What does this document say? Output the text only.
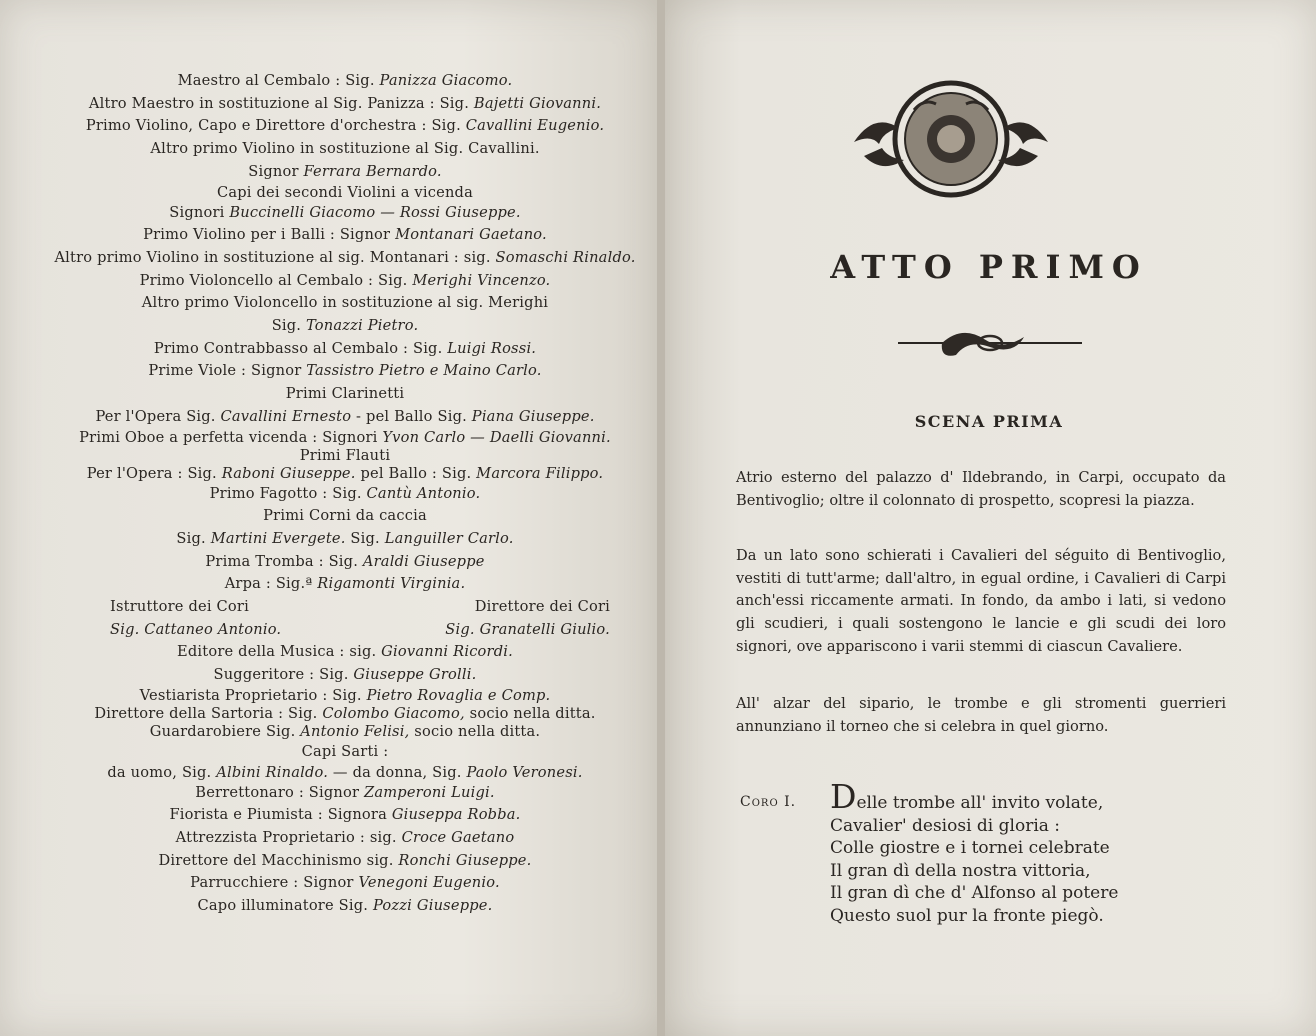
Maestro al Cembalo : Sig. Panizza Giacomo.
Altro Maestro in sostituzione al Sig. Panizza : Sig. Bajetti Giovanni.
Primo Violino, Capo e Direttore d'orchestra : Sig. Cavallini Eugenio.
Altro primo Violino in sostituzione al Sig. Cavallini.
Signor Ferrara Bernardo.
Capi dei secondi Violini a vicenda
Signori Buccinelli Giacomo — Rossi Giuseppe.
Primo Violino per i Balli : Signor Montanari Gaetano.
Altro primo Violino in sostituzione al sig. Montanari : sig. Somaschi Rinaldo.
Primo Violoncello al Cembalo : Sig. Merighi Vincenzo.
Altro primo Violoncello in sostituzione al sig. Merighi
Sig. Tonazzi Pietro.
Primo Contrabbasso al Cembalo : Sig. Luigi Rossi.
Prime Viole : Signor Tassistro Pietro e Maino Carlo.
Primi Clarinetti
Per l'Opera Sig. Cavallini Ernesto - pel Ballo Sig. Piana Giuseppe.
Primi Oboe a perfetta vicenda : Signori Yvon Carlo — Daelli Giovanni.
Primi Flauti
Per l'Opera : Sig. Raboni Giuseppe. pel Ballo : Sig. Marcora Filippo.
Primo Fagotto : Sig. Cantù Antonio.
Primi Corni da caccia
Sig. Martini Evergete. Sig. Languiller Carlo.
Prima Tromba : Sig. Araldi Giuseppe
Arpa : Sig.ª Rigamonti Virginia.
Istruttore dei Cori	Direttore dei Cori
Sig. Cattaneo Antonio.	Sig. Granatelli Giulio.
Editore della Musica : sig. Giovanni Ricordi.
Suggeritore : Sig. Giuseppe Grolli.
Vestiarista Proprietario : Sig. Pietro Rovaglia e Comp.
Direttore della Sartoria : Sig. Colombo Giacomo, socio nella ditta.
Guardarobiere Sig. Antonio Felisi, socio nella ditta.
Capi Sarti :
da uomo, Sig. Albini Rinaldo. — da donna, Sig. Paolo Veronesi.
Berrettonaro : Signor Zamperoni Luigi.
Fiorista e Piumista : Signora Giuseppa Robba.
Attrezzista Proprietario : sig. Croce Gaetano
Direttore del Macchinismo sig. Ronchi Giuseppe.
Parrucchiere : Signor Venegoni Eugenio.
Capo illuminatore Sig. Pozzi Giuseppe.
ATTO PRIMO
SCENA PRIMA
Atrio esterno del palazzo d' Ildebrando, in Carpi, occupato da Bentivoglio; oltre il colonnato di prospetto, scopresi la piazza.
Da un lato sono schierati i Cavalieri del séguito di Bentivoglio, vestiti di tutt'arme; dall'altro, in egual ordine, i Cavalieri di Carpi anch'essi riccamente armati. In fondo, da ambo i lati, si vedono gli scudieri, i quali sostengono le lancie e gli scudi dei loro signori, ove appariscono i varii stemmi di ciascun Cavaliere.
All' alzar del sipario, le trombe e gli stromenti guerrieri annunziano il torneo che si celebra in quel giorno.
Coro I. Delle trombe all' invito volate,
Cavalier' desiosi di gloria :
Colle giostre e i tornei celebrate
Il gran dì della nostra vittoria,
Il gran dì che d' Alfonso al potere
Questo suol pur la fronte piegò.
